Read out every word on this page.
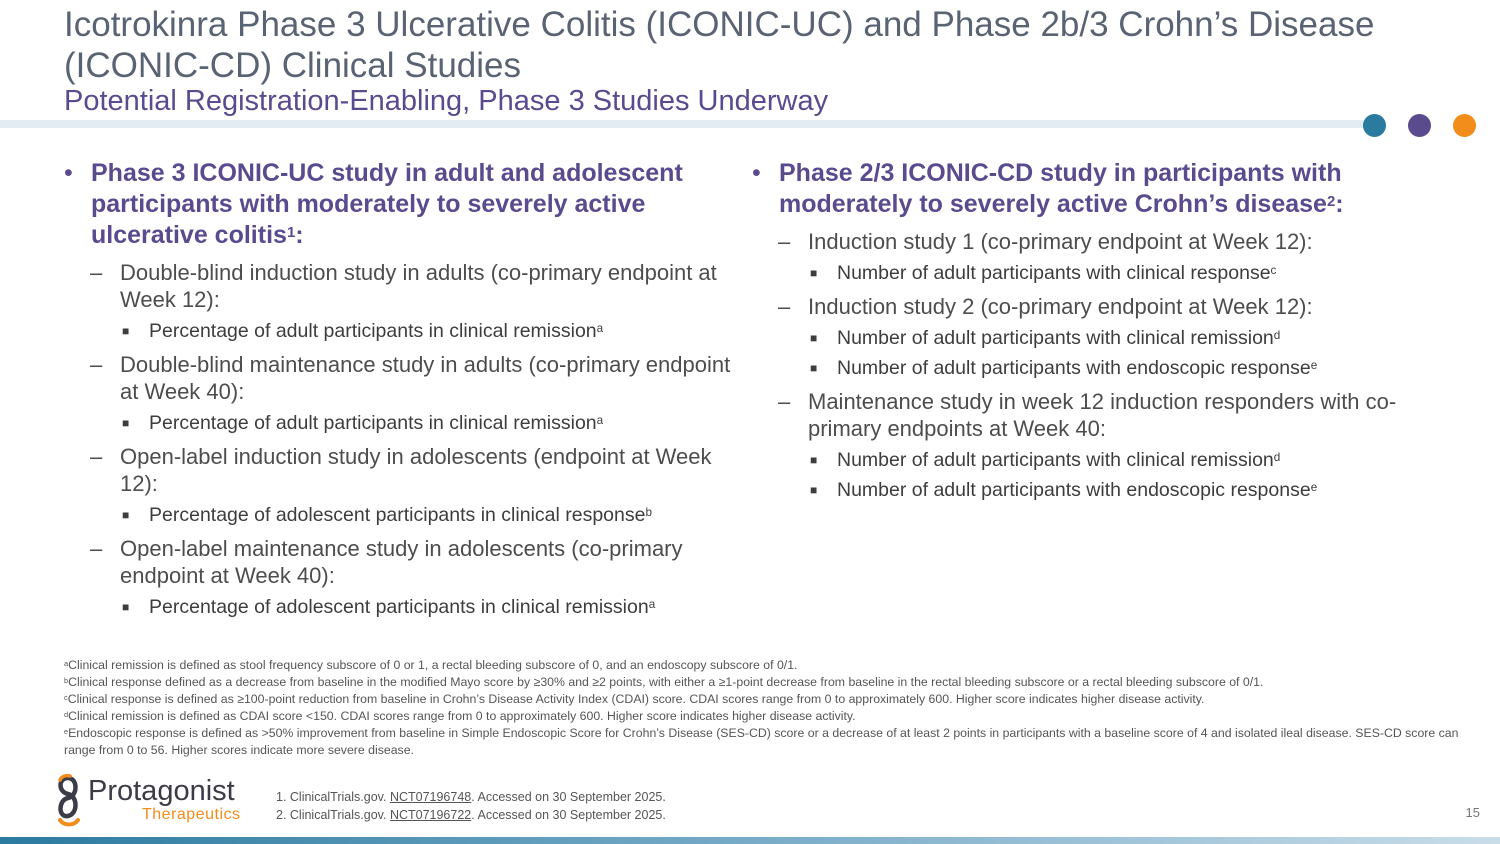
Icotrokinra Phase 3 Ulcerative Colitis (ICONIC-UC) and Phase 2b/3 Crohn’s Disease (ICONIC-CD) Clinical Studies
Potential Registration-Enabling, Phase 3 Studies Underway
• Phase 3 ICONIC-UC study in adult and adolescent participants with moderately to severely active ulcerative colitis$^1$:
– Double-blind induction study in adults (co-primary endpoint at Week 12):
■ Percentage of adult participants in clinical remission$^a$
– Double-blind maintenance study in adults (co-primary endpoint at Week 40):
■ Percentage of adult participants in clinical remission$^a$
– Open-label induction study in adolescents (endpoint at Week 12):
■ Percentage of adolescent participants in clinical response$^b$
– Open-label maintenance study in adolescents (co-primary endpoint at Week 40):
■ Percentage of adolescent participants in clinical remission$^a$
• Phase 2/3 ICONIC-CD study in participants with moderately to severely active Crohn’s disease$^2$:
– Induction study 1 (co-primary endpoint at Week 12):
■ Number of adult participants with clinical response$^c$
– Induction study 2 (co-primary endpoint at Week 12):
■ Number of adult participants with clinical remission$^d$
■ Number of adult participants with endoscopic response$^e$
– Maintenance study in week 12 induction responders with co-primary endpoints at Week 40:
■ Number of adult participants with clinical remission$^d$
■ Number of adult participants with endoscopic response$^e$
$^a$Clinical remission is defined as stool frequency subscore of 0 or 1, a rectal bleeding subscore of 0, and an endoscopy subscore of 0/1.
$^b$Clinical response defined as a decrease from baseline in the modified Mayo score by ≥30% and ≥2 points, with either a ≥1-point decrease from baseline in the rectal bleeding subscore or a rectal bleeding subscore of 0/1.
$^c$Clinical response is defined as ≥100-point reduction from baseline in Crohn’s Disease Activity Index (CDAI) score. CDAI scores range from 0 to approximately 600. Higher score indicates higher disease activity.
$^d$Clinical remission is defined as CDAI score <150. CDAI scores range from 0 to approximately 600. Higher score indicates higher disease activity.
$^e$Endoscopic response is defined as >50% improvement from baseline in Simple Endoscopic Score for Crohn’s Disease (SES-CD) score or a decrease of at least 2 points in participants with a baseline score of 4 and isolated ileal disease. SES-CD score can range from 0 to 56. Higher scores indicate more severe disease.
Protagonist
Therapeutics
1. ClinicalTrials.gov. NCT07196748. Accessed on 30 September 2025.
2. ClinicalTrials.gov. NCT07196722. Accessed on 30 September 2025.	15
